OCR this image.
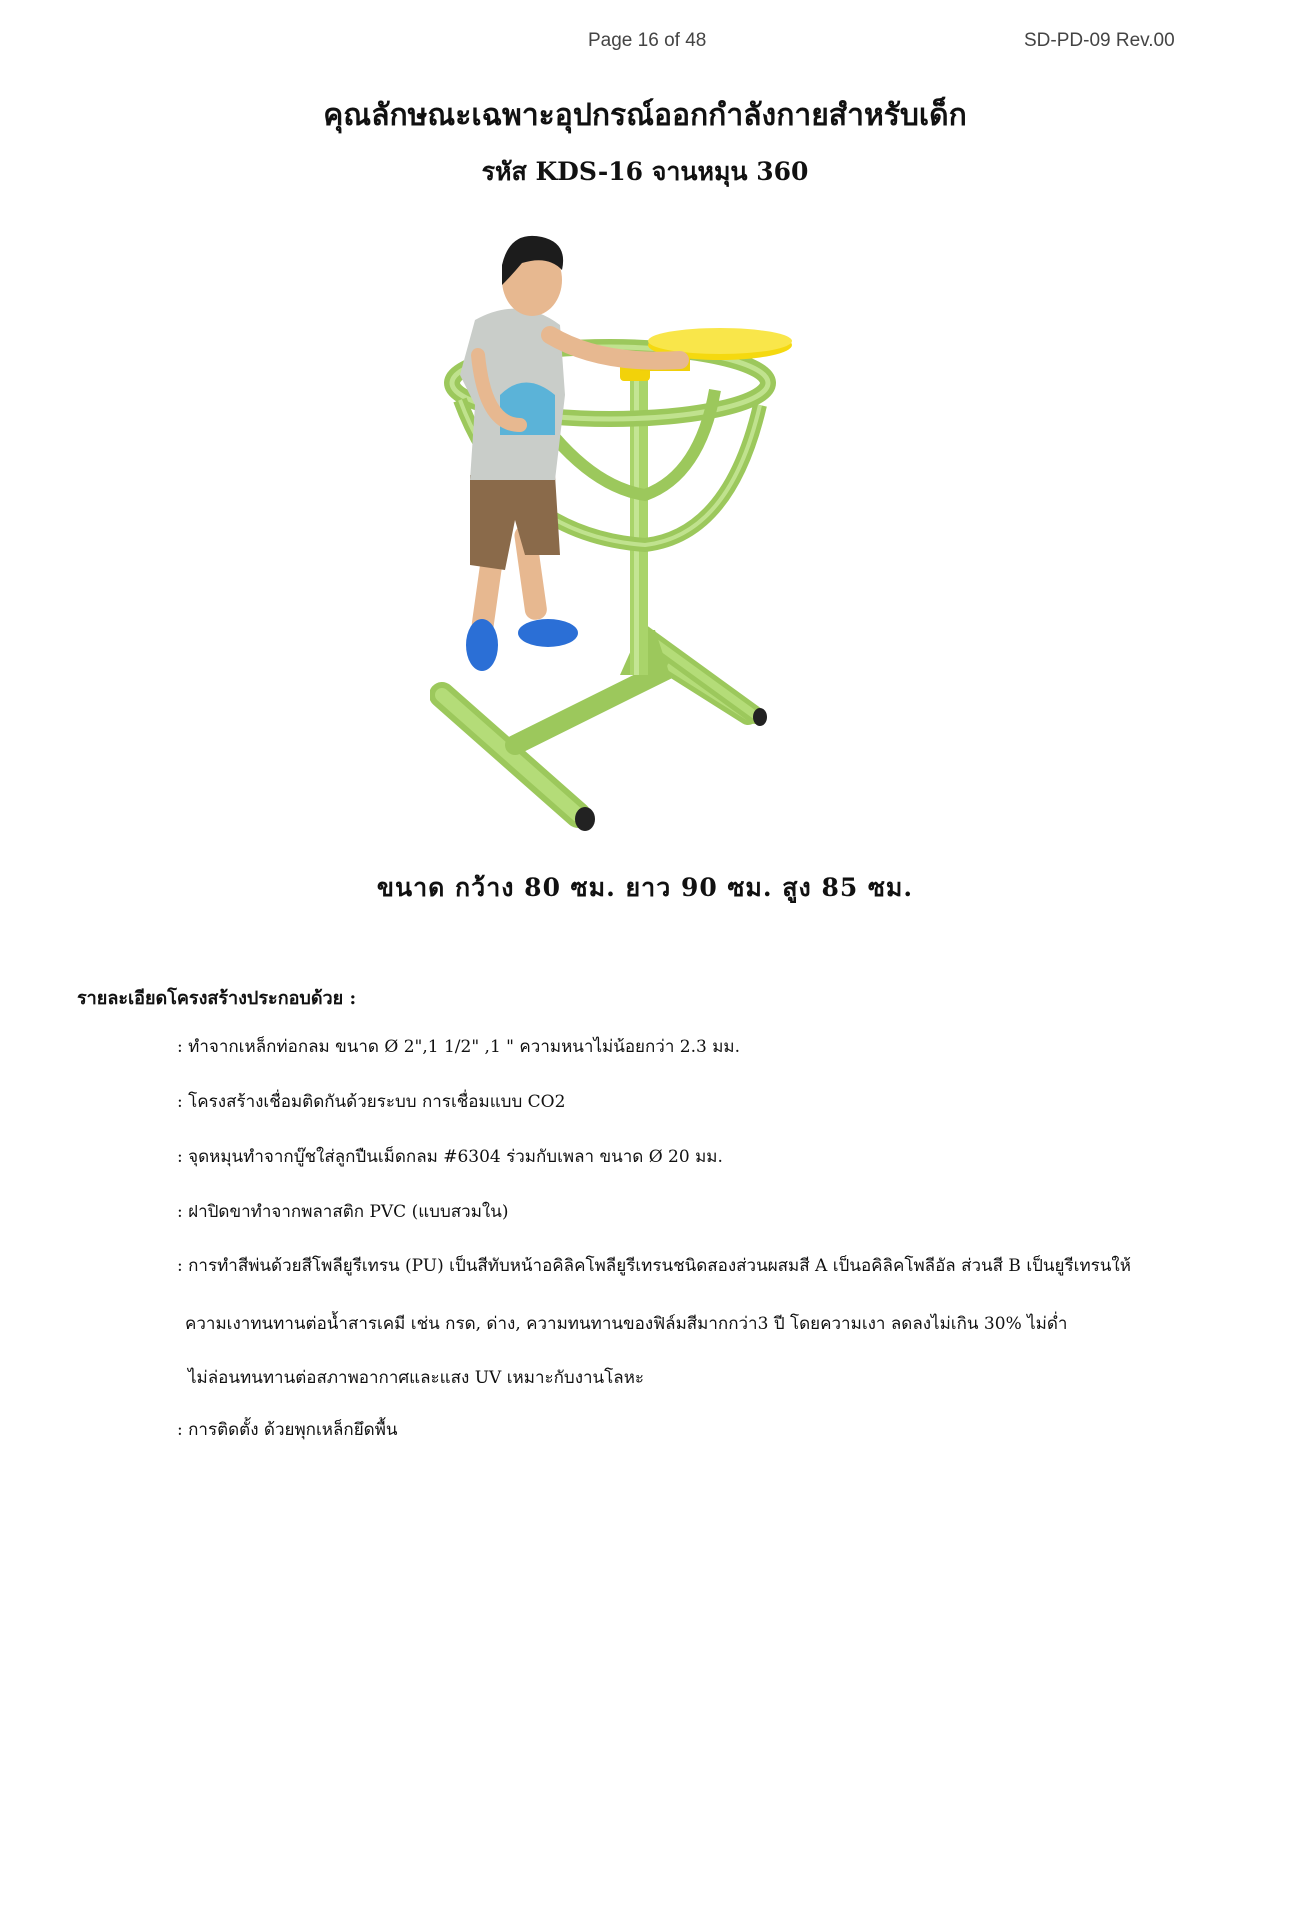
Page 16 of 48	SD-PD-09 Rev.00
คุณลักษณะเฉพาะอุปกรณ์ออกกำลังกายสำหรับเด็ก
รหัส KDS-16 จานหมุน 360
ขนาด กว้าง 80 ซม. ยาว 90 ซม. สูง 85 ซม.
รายละเอียดโครงสร้างประกอบด้วย :
: ทำจากเหล็กท่อกลม ขนาด Ø 2",1 1/2" ,1 " ความหนาไม่น้อยกว่า 2.3 มม.
: โครงสร้างเชื่อมติดกันด้วยระบบ การเชื่อมแบบ CO2
: จุดหมุนทำจากบู๊ชใส่ลูกปืนเม็ดกลม #6304 ร่วมกับเพลา ขนาด Ø 20 มม.
: ฝาปิดขาทำจากพลาสติก PVC (แบบสวมใน)
: การทำสีพ่นด้วยสีโพลียูรีเทรน (PU) เป็นสีทับหน้าอคิลิคโพลียูรีเทรนชนิดสองส่วนผสมสี A เป็นอคิลิคโพลีอัล ส่วนสี B เป็นยูรีเทรนให้
ความเงาทนทานต่อน้ำสารเคมี เช่น กรด, ด่าง, ความทนทานของฟิล์มสีมากกว่า3 ปี โดยความเงา ลดลงไม่เกิน 30% ไม่ด่ำ
ไม่ล่อนทนทานต่อสภาพอากาศและแสง UV เหมาะกับงานโลหะ
: การติดตั้ง ด้วยพุกเหล็กยึดพื้น
